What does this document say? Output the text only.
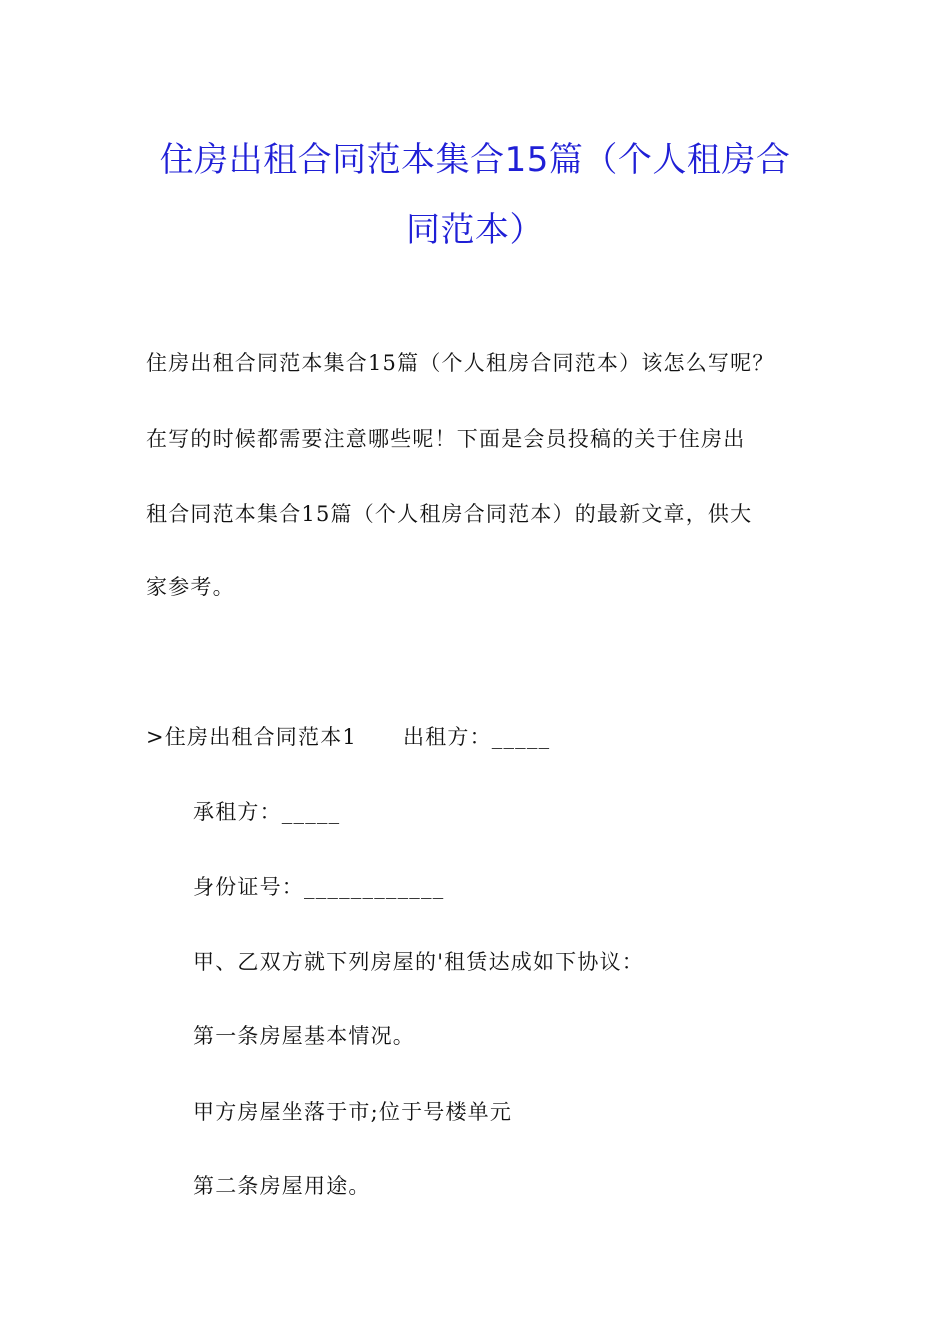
住房出租合同范本集合15篇（个人租房合
同范本）
住房出租合同范本集合15篇（个人租房合同范本）该怎么写呢？
在写的时候都需要注意哪些呢！下面是会员投稿的关于住房出
租合同范本集合15篇（个人租房合同范本）的最新文章，供大
家参考。
>住房出租合同范本1 出租方：_____
承租方：_____
身份证号：____________
甲、乙双方就下列房屋的'租赁达成如下协议：
第一条房屋基本情况。
甲方房屋坐落于市;位于号楼单元
第二条房屋用途。
